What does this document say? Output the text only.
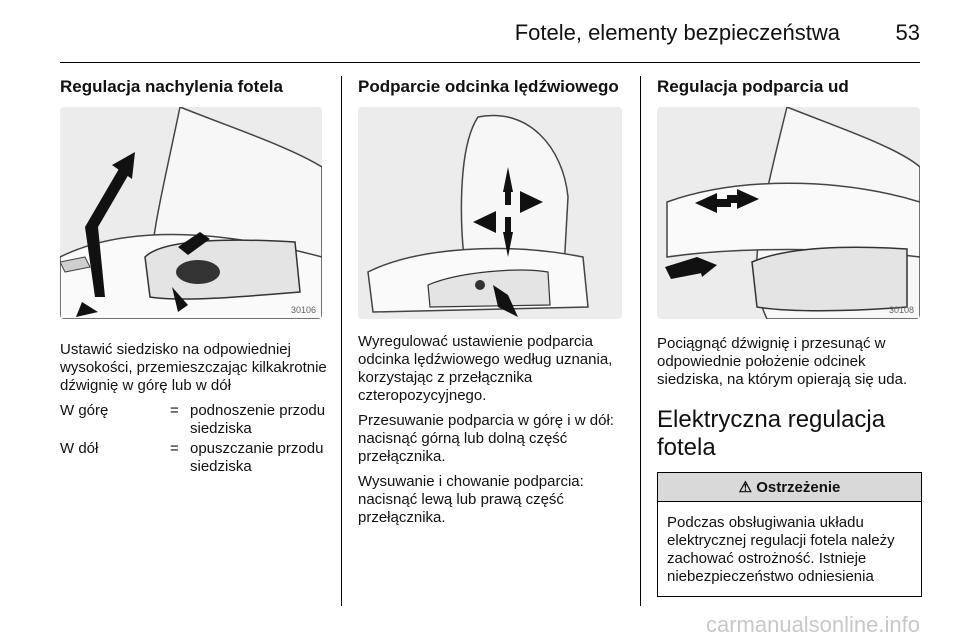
Fotele, elementy bezpieczeństwa	53
Regulacja nachylenia fotela
30106

Ustawić siedzisko na odpowiedniej wysokości, przemieszczając kilkakrotnie dźwignię w górę lub w dół

W górę	= podnoszenie przodu siedziska
W dół	= opuszczanie przodu siedziska
Podparcie odcinka lędźwiowego

Wyregulować ustawienie podparcia odcinka lędźwiowego według uznania, korzystając z przełącznika czteropozycyjnego.

Przesuwanie podparcia w górę i w dół: nacisnąć górną lub dolną część przełącznika.

Wysuwanie i chowanie podparcia: nacisnąć lewą lub prawą część przełącznika.

Regulacja podparcia ud
30108

Pociągnąć dźwignię i przesunąć w odpowiednie położenie odcinek siedziska, na którym opierają się uda.

Elektryczna regulacja fotela
⚠ Ostrzeżenie

Podczas obsługiwania układu elektrycznej regulacji fotela należy zachować ostrożność. Istnieje niebezpieczeństwo odniesienia

carmanualsonline.info
